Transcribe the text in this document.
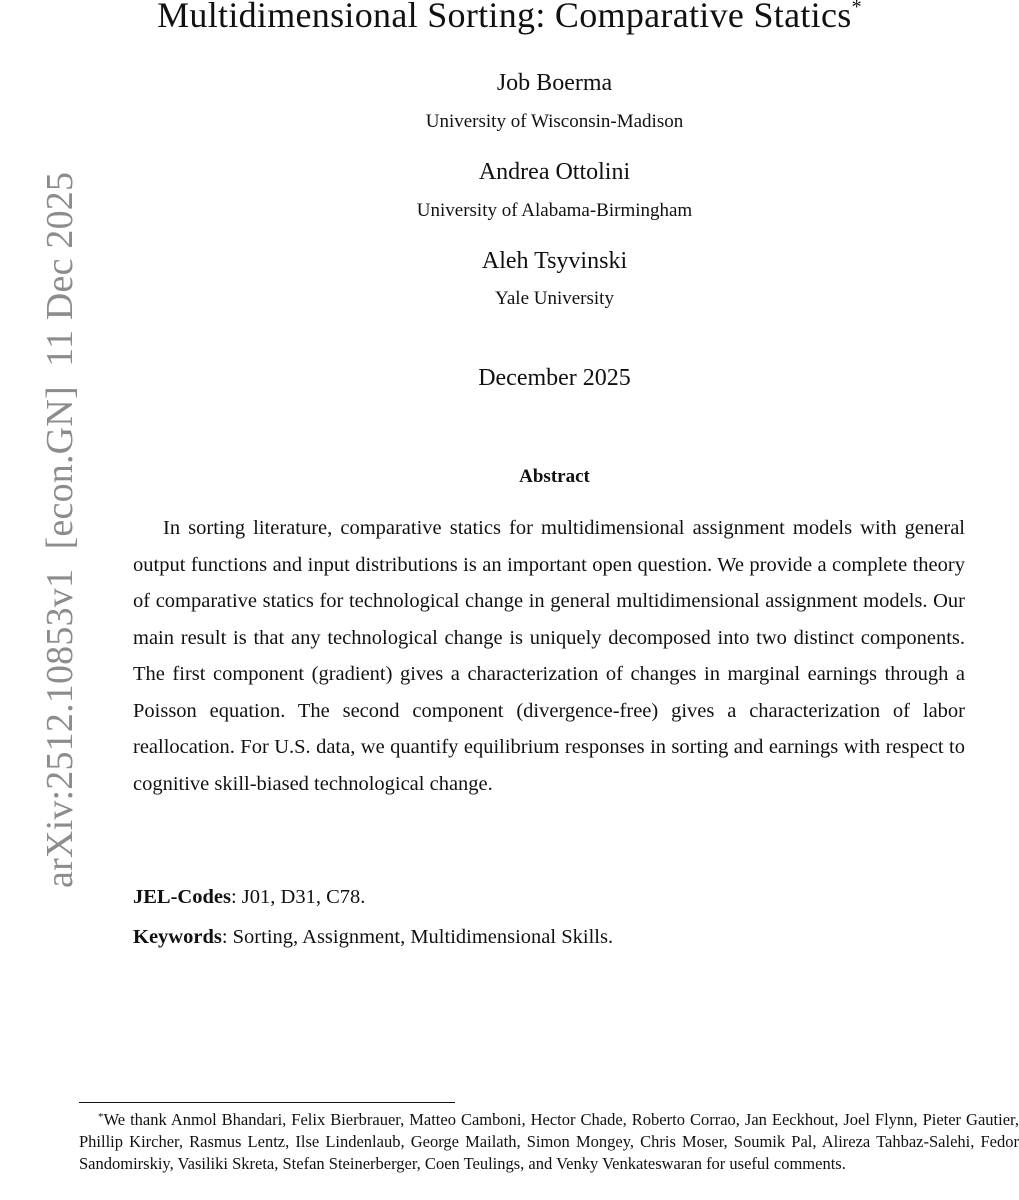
arXiv:2512.10853v1  [econ.GN]  11 Dec 2025
Multidimensional Sorting: Comparative Statics*
Job Boerma
University of Wisconsin-Madison
Andrea Ottolini
University of Alabama-Birmingham
Aleh Tsyvinski
Yale University
December 2025
Abstract

In sorting literature, comparative statics for multidimensional assignment models with general output functions and input distributions is an important open question. We provide a complete theory of comparative statics for technological change in general multidimensional assignment models. Our main result is that any technological change is uniquely decomposed into two distinct components. The first component (gradient) gives a characterization of changes in marginal earnings through a Poisson equation. The second component (divergence-free) gives a characterization of labor reallocation. For U.S. data, we quantify equilibrium responses in sorting and earnings with respect to cognitive skill-biased technological change.

JEL-Codes: J01, D31, C78.
Keywords: Sorting, Assignment, Multidimensional Skills.

*We thank Anmol Bhandari, Felix Bierbrauer, Matteo Camboni, Hector Chade, Roberto Corrao, Jan Eeckhout, Joel Flynn, Pieter Gautier, Phillip Kircher, Rasmus Lentz, Ilse Lindenlaub, George Mailath, Simon Mongey, Chris Moser, Soumik Pal, Alireza Tahbaz-Salehi, Fedor Sandomirskiy, Vasiliki Skreta, Stefan Steinerberger, Coen Teulings, and Venky Venkateswaran for useful comments.
